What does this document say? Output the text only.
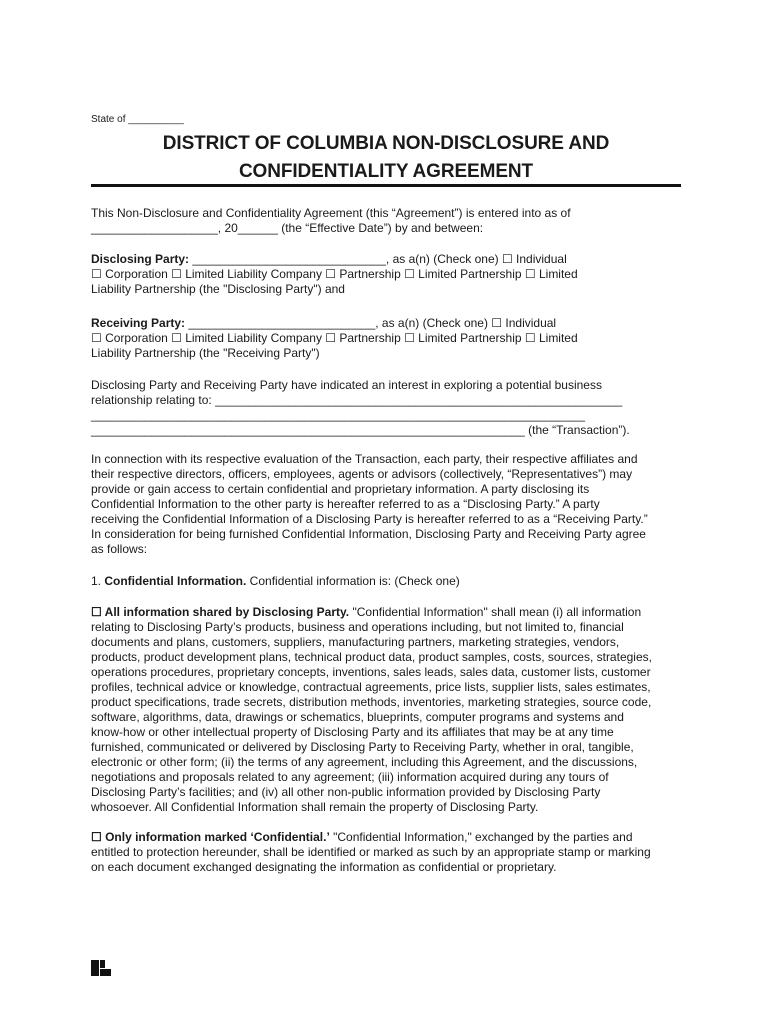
State of __________
DISTRICT OF COLUMBIA NON-DISCLOSURE AND
CONFIDENTIALITY AGREEMENT
This Non-Disclosure and Confidentiality Agreement (this “Agreement”) is entered into as of
___________________, 20______ (the “Effective Date”) by and between:
Disclosing Party: _____________________________, as a(n) (Check one) ☐ Individual
☐ Corporation ☐ Limited Liability Company ☐ Partnership ☐ Limited Partnership ☐ Limited
Liability Partnership (the "Disclosing Party") and
Receiving Party: ____________________________, as a(n) (Check one) ☐ Individual
☐ Corporation ☐ Limited Liability Company ☐ Partnership ☐ Limited Partnership ☐ Limited
Liability Partnership (the "Receiving Party")
Disclosing Party and Receiving Party have indicated an interest in exploring a potential business
relationship relating to: _____________________________________________________________
__________________________________________________________________________
_________________________________________________________________ (the “Transaction”).
In connection with its respective evaluation of the Transaction, each party, their respective affiliates and
their respective directors, officers, employees, agents or advisors (collectively, “Representatives”) may
provide or gain access to certain confidential and proprietary information. A party disclosing its
Confidential Information to the other party is hereafter referred to as a “Disclosing Party.” A party
receiving the Confidential Information of a Disclosing Party is hereafter referred to as a “Receiving Party.”
In consideration for being furnished Confidential Information, Disclosing Party and Receiving Party agree
as follows:
1. Confidential Information. Confidential information is: (Check one)
☐ All information shared by Disclosing Party. "Confidential Information" shall mean (i) all information
relating to Disclosing Party’s products, business and operations including, but not limited to, financial
documents and plans, customers, suppliers, manufacturing partners, marketing strategies, vendors,
products, product development plans, technical product data, product samples, costs, sources, strategies,
operations procedures, proprietary concepts, inventions, sales leads, sales data, customer lists, customer
profiles, technical advice or knowledge, contractual agreements, price lists, supplier lists, sales estimates,
product specifications, trade secrets, distribution methods, inventories, marketing strategies, source code,
software, algorithms, data, drawings or schematics, blueprints, computer programs and systems and
know-how or other intellectual property of Disclosing Party and its affiliates that may be at any time
furnished, communicated or delivered by Disclosing Party to Receiving Party, whether in oral, tangible,
electronic or other form; (ii) the terms of any agreement, including this Agreement, and the discussions,
negotiations and proposals related to any agreement; (iii) information acquired during any tours of
Disclosing Party’s facilities; and (iv) all other non-public information provided by Disclosing Party
whosoever. All Confidential Information shall remain the property of Disclosing Party.
☐ Only information marked ‘Confidential.’ "Confidential Information," exchanged by the parties and
entitled to protection hereunder, shall be identified or marked as such by an appropriate stamp or marking
on each document exchanged designating the information as confidential or proprietary.
